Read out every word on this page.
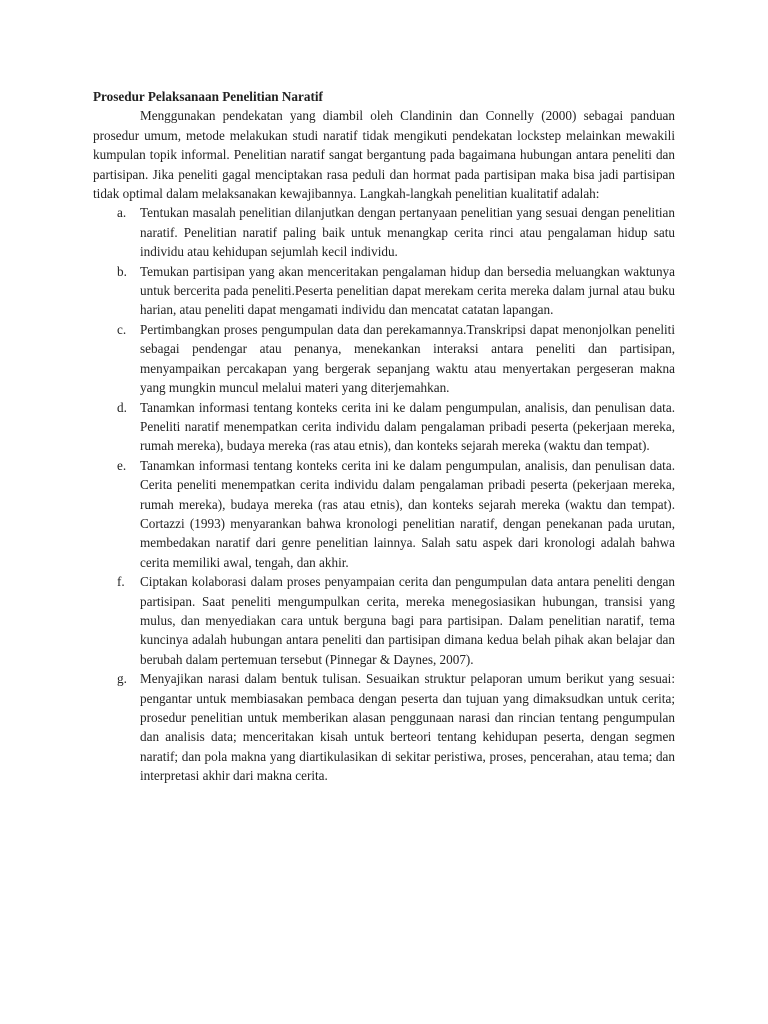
Prosedur Pelaksanaan Penelitian Naratif

Menggunakan pendekatan yang diambil oleh Clandinin dan Connelly (2000) sebagai panduan prosedur umum, metode melakukan studi naratif tidak mengikuti pendekatan lockstep melainkan mewakili kumpulan topik informal. Penelitian naratif sangat bergantung pada bagaimana hubungan antara peneliti dan partisipan. Jika peneliti gagal menciptakan rasa peduli dan hormat pada partisipan maka bisa jadi partisipan tidak optimal dalam melaksanakan kewajibannya. Langkah-langkah penelitian kualitatif adalah:

a. Tentukan masalah penelitian dilanjutkan dengan pertanyaan penelitian yang sesuai dengan penelitian naratif. Penelitian naratif paling baik untuk menangkap cerita rinci atau pengalaman hidup satu individu atau kehidupan sejumlah kecil individu.
b. Temukan partisipan yang akan menceritakan pengalaman hidup dan bersedia meluangkan waktunya untuk bercerita pada peneliti.Peserta penelitian dapat merekam cerita mereka dalam jurnal atau buku harian, atau peneliti dapat mengamati individu dan mencatat catatan lapangan.
c. Pertimbangkan proses pengumpulan data dan perekamannya.Transkripsi dapat menonjolkan peneliti sebagai pendengar atau penanya, menekankan interaksi antara peneliti dan partisipan, menyampaikan percakapan yang bergerak sepanjang waktu atau menyertakan pergeseran makna yang mungkin muncul melalui materi yang diterjemahkan.
d. Tanamkan informasi tentang konteks cerita ini ke dalam pengumpulan, analisis, dan penulisan data. Peneliti naratif menempatkan cerita individu dalam pengalaman pribadi peserta (pekerjaan mereka, rumah mereka), budaya mereka (ras atau etnis), dan konteks sejarah mereka (waktu dan tempat).
e. Tanamkan informasi tentang konteks cerita ini ke dalam pengumpulan, analisis, dan penulisan data. Cerita peneliti menempatkan cerita individu dalam pengalaman pribadi peserta (pekerjaan mereka, rumah mereka), budaya mereka (ras atau etnis), dan konteks sejarah mereka (waktu dan tempat). Cortazzi (1993) menyarankan bahwa kronologi penelitian naratif, dengan penekanan pada urutan, membedakan naratif dari genre penelitian lainnya. Salah satu aspek dari kronologi adalah bahwa cerita memiliki awal, tengah, dan akhir.
f. Ciptakan kolaborasi dalam proses penyampaian cerita dan pengumpulan data antara peneliti dengan partisipan. Saat peneliti mengumpulkan cerita, mereka menegosiasikan hubungan, transisi yang mulus, dan menyediakan cara untuk berguna bagi para partisipan. Dalam penelitian naratif, tema kuncinya adalah hubungan antara peneliti dan partisipan dimana kedua belah pihak akan belajar dan berubah dalam pertemuan tersebut (Pinnegar & Daynes, 2007).
g. Menyajikan narasi dalam bentuk tulisan. Sesuaikan struktur pelaporan umum berikut yang sesuai: pengantar untuk membiasakan pembaca dengan peserta dan tujuan yang dimaksudkan untuk cerita; prosedur penelitian untuk memberikan alasan penggunaan narasi dan rincian tentang pengumpulan dan analisis data; menceritakan kisah untuk berteori tentang kehidupan peserta, dengan segmen naratif; dan pola makna yang diartikulasikan di sekitar peristiwa, proses, pencerahan, atau tema; dan interpretasi akhir dari makna cerita.
